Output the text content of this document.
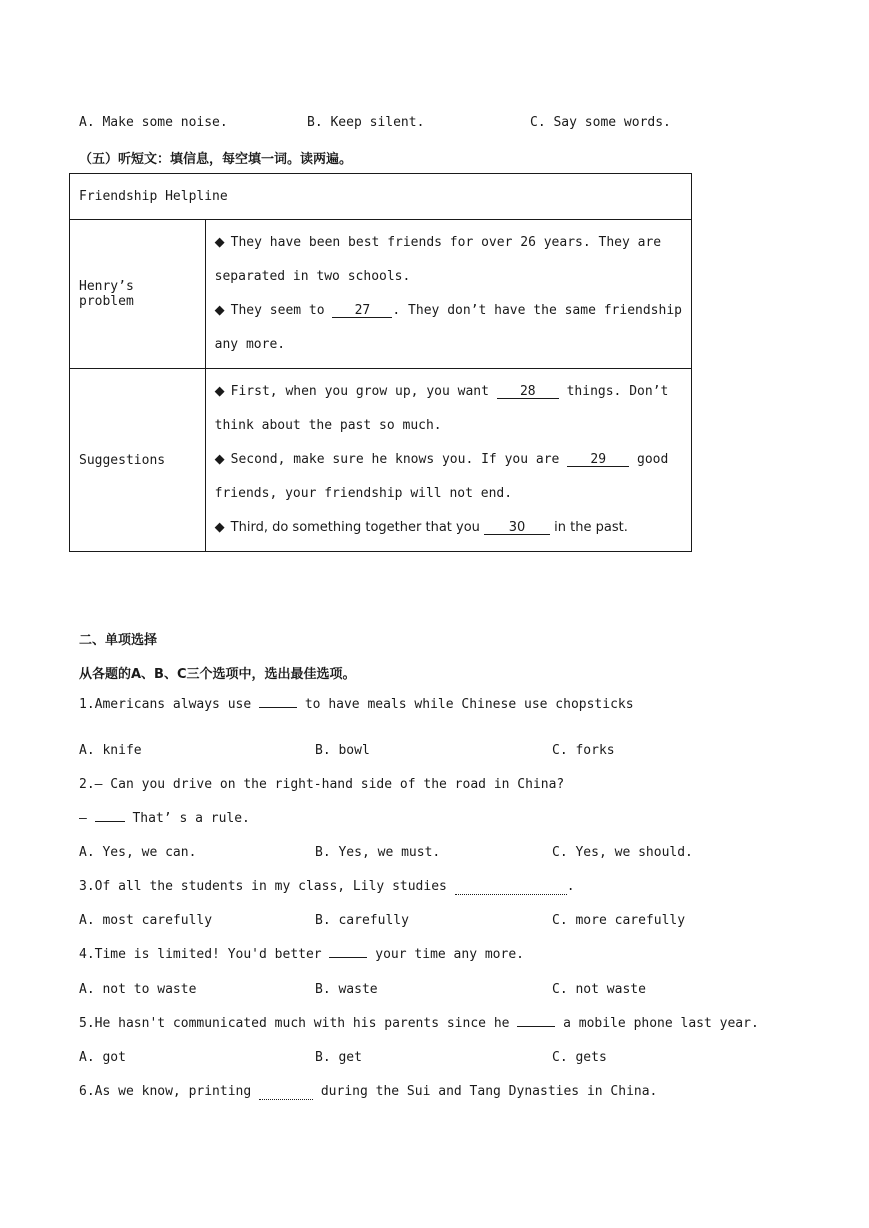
A. Make some noise.	B. Keep silent.	C. Say some words.
（五）听短文：填信息，每空填一词。读两遍。
Friendship Helpline	
Henry’s problem	◆ They have been best friends for over 26 years. They are
separated in two schools.
◆ They seem to 27 . They don’t have the same friendship
any more.

Suggestions	◆ First, when you grow up, you want 28 things. Don’t
think about the past so much.
◆ Second, make sure he knows you. If you are 29 good
friends, your friendship will not end.
◆ Third, do something together that you 30 in the past.
二、单项选择
从各题的A、B、C三个选项中，选出最佳选项。
1.Americans always use	to have meals while Chinese use chopsticks
A. knife	B. bowl	C. forks
2.— Can you drive on the right-hand side of the road in China?
—  That’ s a rule.
A. Yes, we can.	B. Yes, we must.	C. Yes, we should.
3.Of all the students in my class, Lily studies	.
A. most carefully	B. carefully	C. more carefully
4.Time is limited! You'd better	your time any more.
A. not to waste	B. waste	C. not waste
5.He hasn't communicated much with his parents since he	a mobile phone last year.
A. got	B. get	C. gets
6.As we know, printing	during the Sui and Tang Dynasties in China.
